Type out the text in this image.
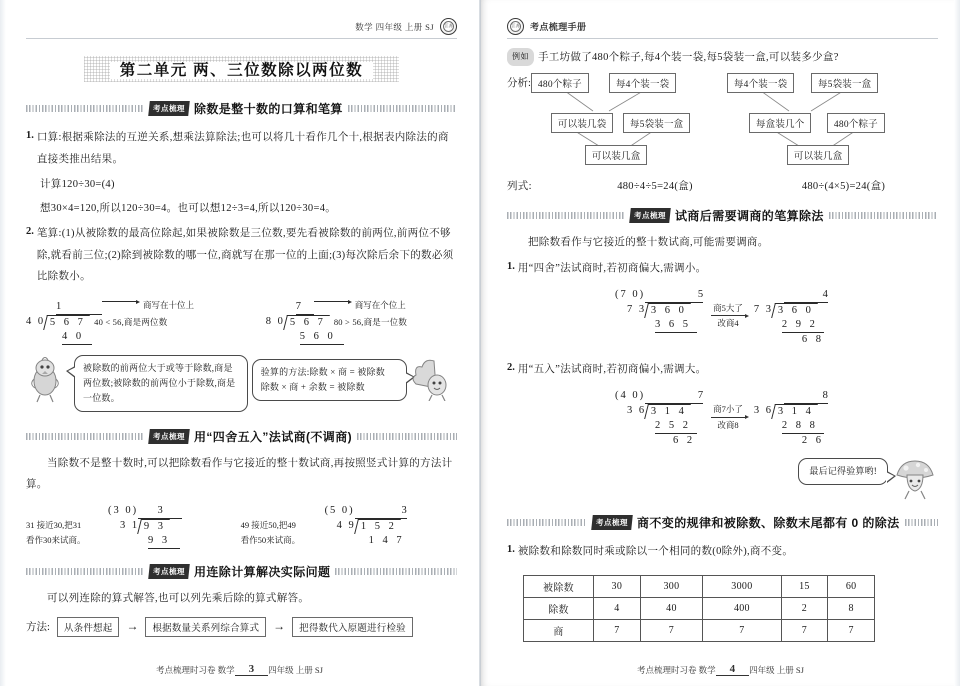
数学 四年级 上册 SJ 江苏
第二单元 两、三位数除以两位数
考点梳理 除数是整十数的口算和笔算
1. 口算:根据乘除法的互逆关系,想乘法算除法;也可以将几十看作几个十,根据表内除法的商直接类推出结果。
计算120÷30=(4)
想30×4=120,所以120÷30=4。也可以想12÷3=4,所以120÷30=4。
2. 笔算:(1)从被除数的最高位除起,如果被除数是三位数,要先看被除数的前两位,前两位不够除,就看前三位;(2)除到被除数的哪一位,商就写在那一位的上面;(3)每次除后余下的数必须比除数小。
1	商写在十位上
4 0 5 6 7 40 < 56,商是两位数
4 0
7	商写在个位上
8 0 5 6 7 80 > 56,商是一位数
5 6 0
被除数的前两位大于或等于除数,商是两位数;被除数的前两位小于除数,商是一位数。
验算的方法:除数 × 商 = 被除数
除数 × 商 + 余数 = 被除数
考点梳理 用“四舍五入”法试商(不调商)
当除数不是整十数时,可以把除数看作与它接近的整十数试商,再按照竖式计算的方法计算。
31 接近30,把31
看作30来试商。
(3 0)	3
3 1 9 3
9 3
49 接近50,把49
看作50来试商。
(5 0)	3
4 9 1 5 2
1 4 7
考点梳理 用连除计算解决实际问题
可以列连除的算式解答,也可以列先乘后除的算式解答。
方法:	从条件想起	→	根据数量关系列综合算式	→	把得数代入原题进行检验
考点梳理时习卷 数学	3	四年级 上册 SJ
江苏 考点梳理手册
例如 手工坊做了480个粽子,每4个装一袋,每5袋装一盒,可以装多少盒?
分析: 480个粽子	每4个装一袋
可以装几袋	每5袋装一盒
可以装几盒
每4个装一袋	每5袋装一盒
每盒装几个	480个粽子
可以装几盒
列式:	480÷4÷5=24(盒)	480÷(4×5)=24(盒)
考点梳理 试商后需要调商的笔算除法
把除数看作与它接近的整十数试商,可能需要调商。
1. 用“四舍”法试商时,若初商偏大,需调小。
(7 0)	5
7 3 3 6 0
3 6 5
商5大了
改商4
4
7 3 3 6 0
2 9 2
6 8
2. 用“五入”法试商时,若初商偏小,需调大。
(4 0)	7
3 6 3 1 4
2 5 2
6 2
商7小了
改商8
8
3 6 3 1 4
2 8 8
2 6
最后记得验算哟!
考点梳理 商不变的规律和被除数、除数末尾都有 0 的除法
1. 被除数和除数同时乘或除以一个相同的数(0除外),商不变。
被除数	30	300	3000	15	60
除数	4	40	400	2	8
商	7	7	7	7	7
考点梳理时习卷 数学	4	四年级 上册 SJ
